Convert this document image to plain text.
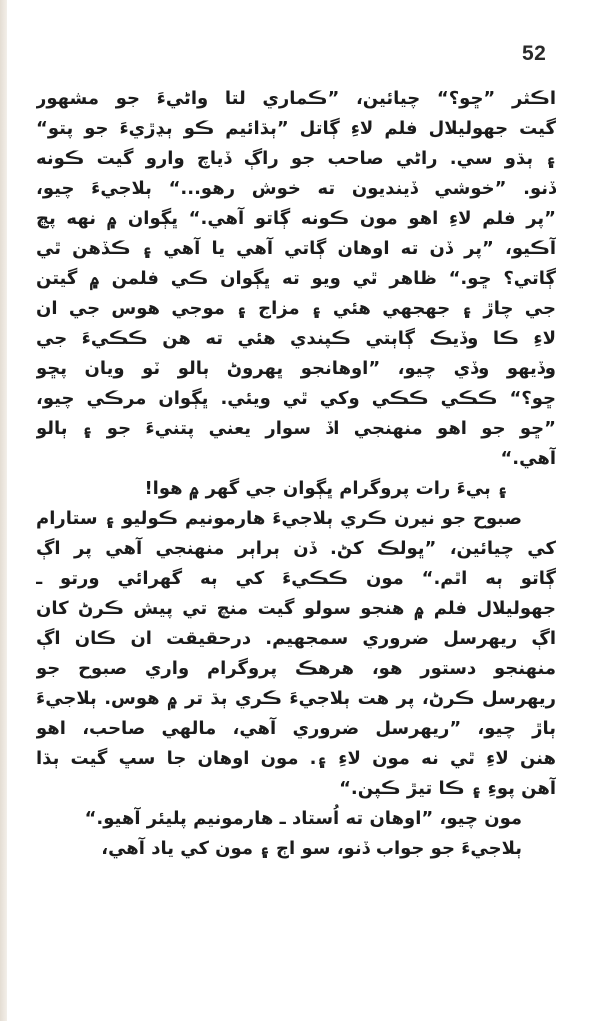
52
اڪثر ”ڇو؟“ چيائين، ”ڪماري لتا واڻيءَ جو مشهور
گيت جهوليلال فلم لاءِ ڳاتل ”ٻڌائيم ڪو ٻڍڙيءَ جو پتو“
۽ ٻڌو سي. راڻي صاحب جو راڳ ڏياچ وارو گيت ڪونه
ڏنو. ”خوشي ڏينديون ته خوش رهو...“ ٻلاجيءَ چيو،
”پر فلم لاءِ اهو مون ڪونه ڳاتو آهي.“ ڀڳوان ۾ نهه پڇ
آڪيو، ”پر ڏن ته اوهان ڳاتي آهي يا آهي ۽ ڪڏهن ٿي
ڳاتي؟ ڇو.“ ظاهر ٿي ويو ته ڀڳوان ڪي فلمن ۾ گيتن
جي چاڙ ۽ جهجهي هئي ۽ مزاج ۽ موجي هوس جي ان
لاءِ ڪا وڏيڪ ڳاٻتي ڪپندي هئي ته هن ڪڪيءَ جي
وڏيهو وڏي چيو، ”اوهانجو ڀهروڻ ٻالو ٽو ويان پڇو
ڇو؟“ ڪڪي ڪڪي وکي ٿي ويئي. ڀڳوان مرڪي چيو،
”ڇو جو اهو منهنجي اڏ سوار يعني پتنيءَ جو ۽ ٻالو
آهي.“
۽ ٻيءَ رات پروگرام ڀڳوان جي گهر ۾ هوا!
صبوح جو نيرن ڪري ٻلاجيءَ هارمونيم ڪوليو ۽ ستارام
کي چيائين، ”ڀولڪ کڻ. ڏن ٻراٻر منهنجي آهي پر اڳ
ڳاتو ٻه اٿم.“ مون ڪڪيءَ کي ٻه گهرائي ورتو ـ
جهوليلال فلم ۾ هنجو سولو گيت منچ تي پيش ڪرڻ کان
اڳ ريهرسل ضروري سمجهيم. درحقيقت ان ڪان اڳ
منهنجو دستور هو، هرهڪ پروگرام واري صبوح جو
ريهرسل ڪرڻ، پر هت ٻلاجيءَ ڪري ٻڌ تر ۾ هوس. ٻلاجيءَ
ٻاڙ چيو، ”ريهرسل ضروري آهي، مالهي صاحب، اهو
هنن لاءِ ٿي نه مون لاءِ ۽. مون اوهان جا سڀ گيت ٻڌا
آهن پوءِ ۽ ڪا تيڙ ڪپن.“
مون چيو، ”اوهان ته اُستاد ـ هارمونيم پليئر آهيو.“
ٻلاجيءَ جو جواب ڏنو، سو اڄ ۽ مون کي ياد آهي،
